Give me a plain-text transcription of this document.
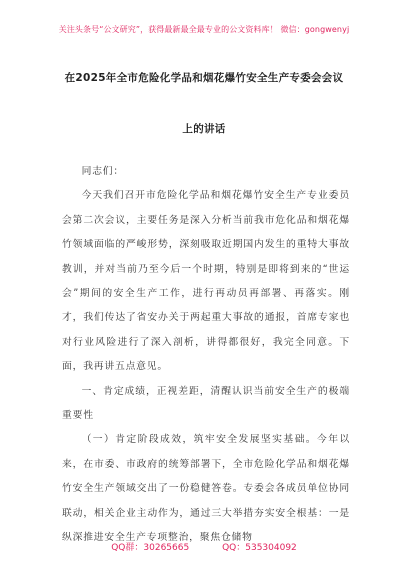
关注头条号“公文研究”，获得最新最全最专业的公文资料库！ 微信：gongwenyj
在2025年全市危险化学品和烟花爆竹安全生产专委会会议
上的讲话

同志们：

今天我们召开市危险化学品和烟花爆竹安全生产专业委员会第二次会议，主要任务是深入分析当前我市危化品和烟花爆竹领域面临的严峻形势，深刻吸取近期国内发生的重特大事故教训，并对当前乃至今后一个时期，特别是即将到来的“世运会”期间的安全生产工作，进行再动员再部署、再落实。刚才，我们传达了省安办关于两起重大事故的通报，首席专家也对行业风险进行了深入剖析，讲得都很好，我完全同意。下面，我再讲五点意见。

一、肯定成绩，正视差距，清醒认识当前安全生产的极端重要性

（一）肯定阶段成效，筑牢安全发展坚实基础。今年以来，在市委、市政府的统筹部署下，全市危险化学品和烟花爆竹安全生产领域交出了一份稳健答卷。专委会各成员单位协同联动，相关企业主动作为，通过三大举措夯实安全根基：一是纵深推进安全生产专项整治，聚焦仓储物

QQ群：30265665	QQ：535304092
